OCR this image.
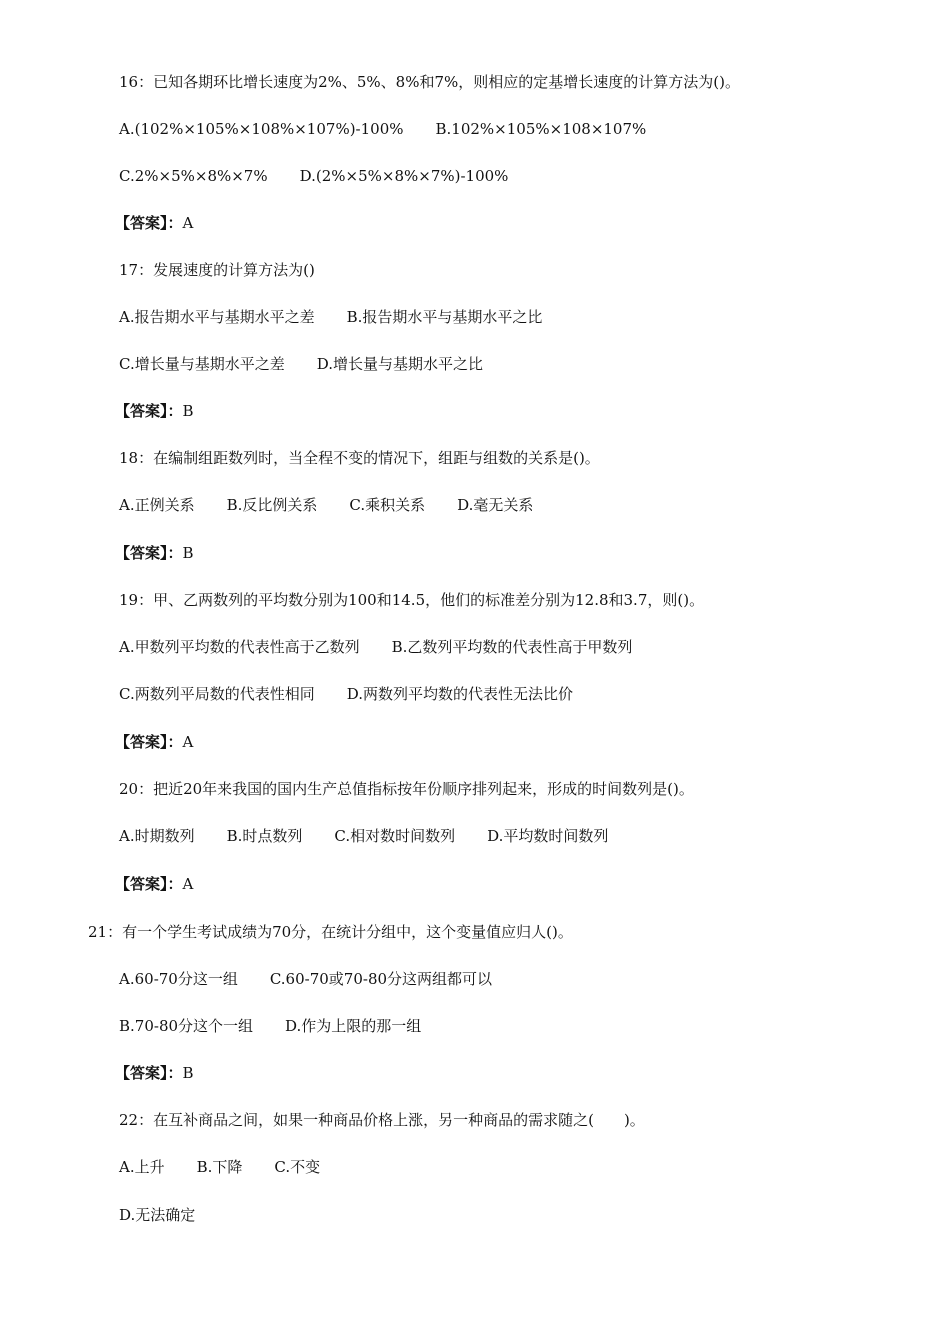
16：已知各期环比增长速度为2%、5%、8%和7%，则相应的定基增长速度的计算方法为()。
A.(102%×105%×108%×107%)-100% B.102%×105%×108×107%
C.2%×5%×8%×7% D.(2%×5%×8%×7%)-100%
【答案】：A
17：发展速度的计算方法为()
A.报告期水平与基期水平之差 B.报告期水平与基期水平之比
C.增长量与基期水平之差 D.增长量与基期水平之比
【答案】：B
18：在编制组距数列时，当全程不变的情况下，组距与组数的关系是()。
A.正例关系 B.反比例关系 C.乘积关系 D.毫无关系
【答案】：B
19：甲、乙两数列的平均数分别为100和14.5，他们的标准差分别为12.8和3.7，则()。
A.甲数列平均数的代表性高于乙数列 B.乙数列平均数的代表性高于甲数列
C.两数列平局数的代表性相同 D.两数列平均数的代表性无法比价
【答案】：A
20：把近20年来我国的国内生产总值指标按年份顺序排列起来，形成的时间数列是()。
A.时期数列 B.时点数列 C.相对数时间数列 D.平均数时间数列
【答案】：A
21：有一个学生考试成绩为70分，在统计分组中，这个变量值应归人()。
A.60-70分这一组 C.60-70或70-80分这两组都可以
B.70-80分这个一组 D.作为上限的那一组
【答案】：B
22：在互补商品之间，如果一种商品价格上涨，另一种商品的需求随之(　　)。
A.上升 B.下降 C.不变
D.无法确定
